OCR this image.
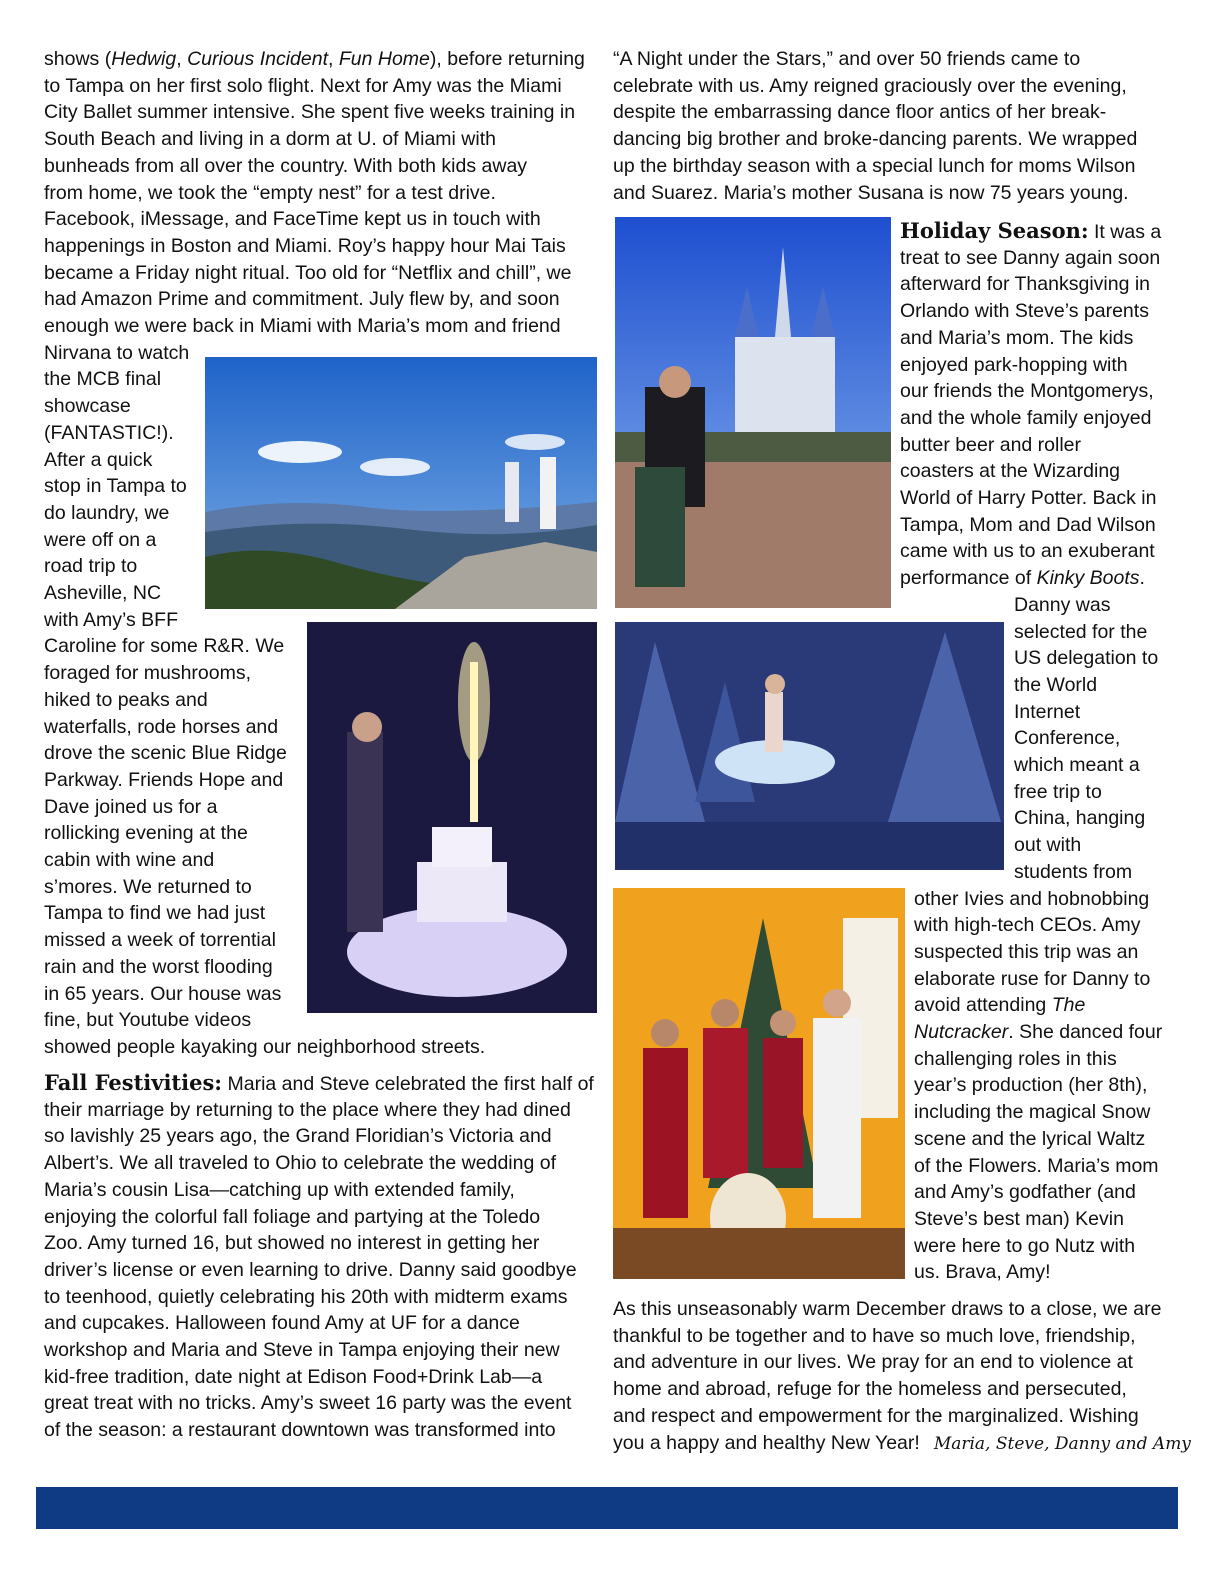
shows (Hedwig, Curious Incident, Fun Home), before returning
to Tampa on her first solo flight. Next for Amy was the Miami
City Ballet summer intensive. She spent five weeks training in
South Beach and living in a dorm at U. of Miami with
bunheads from all over the country. With both kids away
from home, we took the “empty nest” for a test drive.
Facebook, iMessage, and FaceTime kept us in touch with
happenings in Boston and Miami. Roy’s happy hour Mai Tais
became a Friday night ritual. Too old for “Netflix and chill”, we
had Amazon Prime and commitment. July flew by, and soon
enough we were back in Miami with Maria’s mom and friend
Nirvana to watch
the MCB final
showcase
(FANTASTIC!).
After a quick
stop in Tampa to
do laundry, we
were off on a
road trip to
Asheville, NC
with Amy’s BFF
Caroline for some R&R. We
foraged for mushrooms,
hiked to peaks and
waterfalls, rode horses and
drove the scenic Blue Ridge
Parkway. Friends Hope and
Dave joined us for a
rollicking evening at the
cabin with wine and
s’mores. We returned to
Tampa to find we had just
missed a week of torrential
rain and the worst flooding
in 65 years. Our house was
fine, but Youtube videos
showed people kayaking our neighborhood streets.
Fall Festivities: Maria and Steve celebrated the first half of
their marriage by returning to the place where they had dined
so lavishly 25 years ago, the Grand Floridian’s Victoria and
Albert’s. We all traveled to Ohio to celebrate the wedding of
Maria’s cousin Lisa—catching up with extended family,
enjoying the colorful fall foliage and partying at the Toledo
Zoo. Amy turned 16, but showed no interest in getting her
driver’s license or even learning to drive. Danny said goodbye
to teenhood, quietly celebrating his 20th with midterm exams
and cupcakes. Halloween found Amy at UF for a dance
workshop and Maria and Steve in Tampa enjoying their new
kid-free tradition, date night at Edison Food+Drink Lab—a
great treat with no tricks. Amy’s sweet 16 party was the event
of the season: a restaurant downtown was transformed into
“A Night under the Stars,” and over 50 friends came to
celebrate with us. Amy reigned graciously over the evening,
despite the embarrassing dance floor antics of her break-
dancing big brother and broke-dancing parents. We wrapped
up the birthday season with a special lunch for moms Wilson
and Suarez. Maria’s mother Susana is now 75 years young.
Holiday Season: It was a
treat to see Danny again soon
afterward for Thanksgiving in
Orlando with Steve’s parents
and Maria’s mom. The kids
enjoyed park-hopping with
our friends the Montgomerys,
and the whole family enjoyed
butter beer and roller
coasters at the Wizarding
World of Harry Potter. Back in
Tampa, Mom and Dad Wilson
came with us to an exuberant
performance of Kinky Boots.
Danny was
selected for the
US delegation to
the World
Internet
Conference,
which meant a
free trip to
China, hanging
out with
students from
other Ivies and hobnobbing
with high-tech CEOs. Amy
suspected this trip was an
elaborate ruse for Danny to
avoid attending The
Nutcracker. She danced four
challenging roles in this
year’s production (her 8th),
including the magical Snow
scene and the lyrical Waltz
of the Flowers. Maria’s mom
and Amy’s godfather (and
Steve’s best man) Kevin
were here to go Nutz with
us. Brava, Amy!
As this unseasonably warm December draws to a close, we are
thankful to be together and to have so much love, friendship,
and adventure in our lives. We pray for an end to violence at
home and abroad, refuge for the homeless and persecuted,
and respect and empowerment for the marginalized. Wishing
you a happy and healthy New Year! Maria, Steve, Danny and Amy
